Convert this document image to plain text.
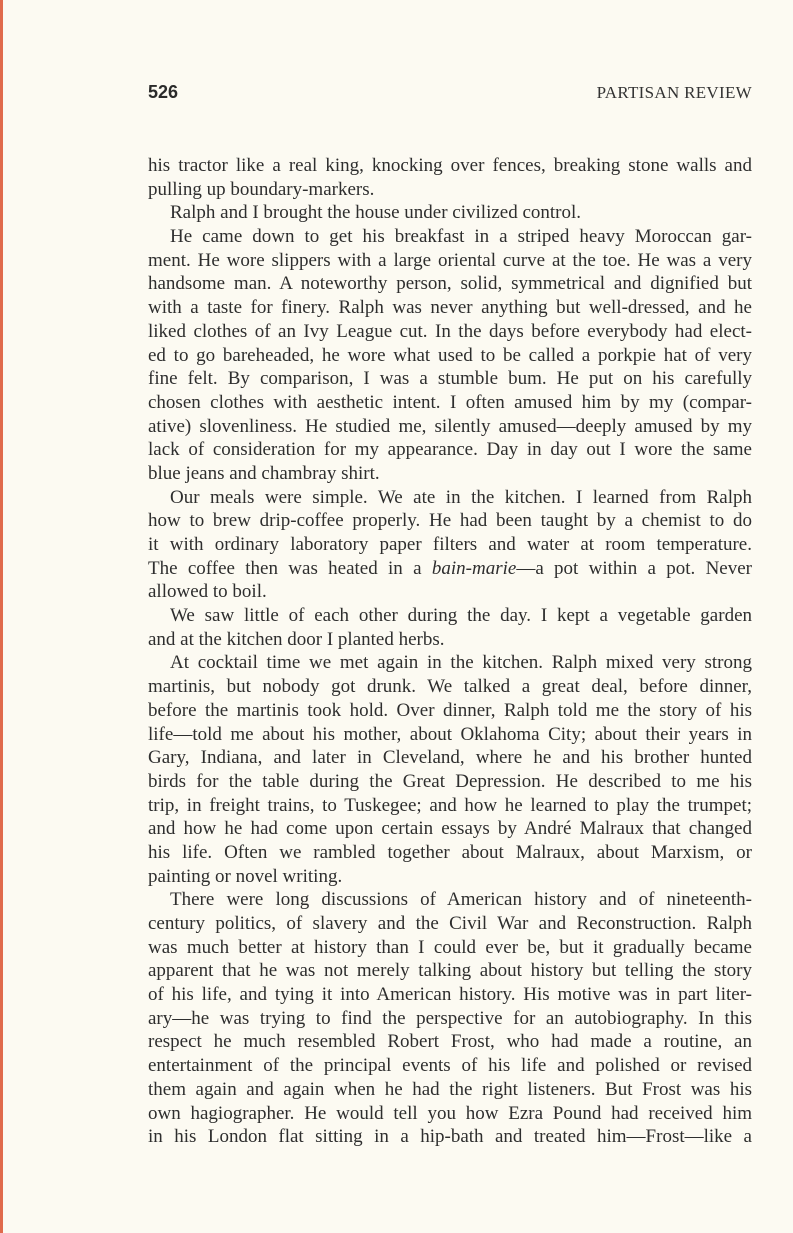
526	PARTISAN REVIEW
his tractor like a real king, knocking over fences, breaking stone walls and
pulling up boundary-markers.
Ralph and I brought the house under civilized control.
He came down to get his breakfast in a striped heavy Moroccan gar-
ment. He wore slippers with a large oriental curve at the toe. He was a very
handsome man. A noteworthy person, solid, symmetrical and dignified but
with a taste for finery. Ralph was never anything but well-dressed, and he
liked clothes of an Ivy League cut. In the days before everybody had elect-
ed to go bareheaded, he wore what used to be called a porkpie hat of very
fine felt. By comparison, I was a stumble bum. He put on his carefully
chosen clothes with aesthetic intent. I often amused him by my (compar-
ative) slovenliness. He studied me, silently amused—deeply amused by my
lack of consideration for my appearance. Day in day out I wore the same
blue jeans and chambray shirt.
Our meals were simple. We ate in the kitchen. I learned from Ralph
how to brew drip-coffee properly. He had been taught by a chemist to do
it with ordinary laboratory paper filters and water at room temperature.
The coffee then was heated in a bain-marie—a pot within a pot. Never
allowed to boil.
We saw little of each other during the day. I kept a vegetable garden
and at the kitchen door I planted herbs.
At cocktail time we met again in the kitchen. Ralph mixed very strong
martinis, but nobody got drunk. We talked a great deal, before dinner,
before the martinis took hold. Over dinner, Ralph told me the story of his
life—told me about his mother, about Oklahoma City; about their years in
Gary, Indiana, and later in Cleveland, where he and his brother hunted
birds for the table during the Great Depression. He described to me his
trip, in freight trains, to Tuskegee; and how he learned to play the trumpet;
and how he had come upon certain essays by André Malraux that changed
his life. Often we rambled together about Malraux, about Marxism, or
painting or novel writing.
There were long discussions of American history and of nineteenth-
century politics, of slavery and the Civil War and Reconstruction. Ralph
was much better at history than I could ever be, but it gradually became
apparent that he was not merely talking about history but telling the story
of his life, and tying it into American history. His motive was in part liter-
ary—he was trying to find the perspective for an autobiography. In this
respect he much resembled Robert Frost, who had made a routine, an
entertainment of the principal events of his life and polished or revised
them again and again when he had the right listeners. But Frost was his
own hagiographer. He would tell you how Ezra Pound had received him
in his London flat sitting in a hip-bath and treated him—Frost—like a
